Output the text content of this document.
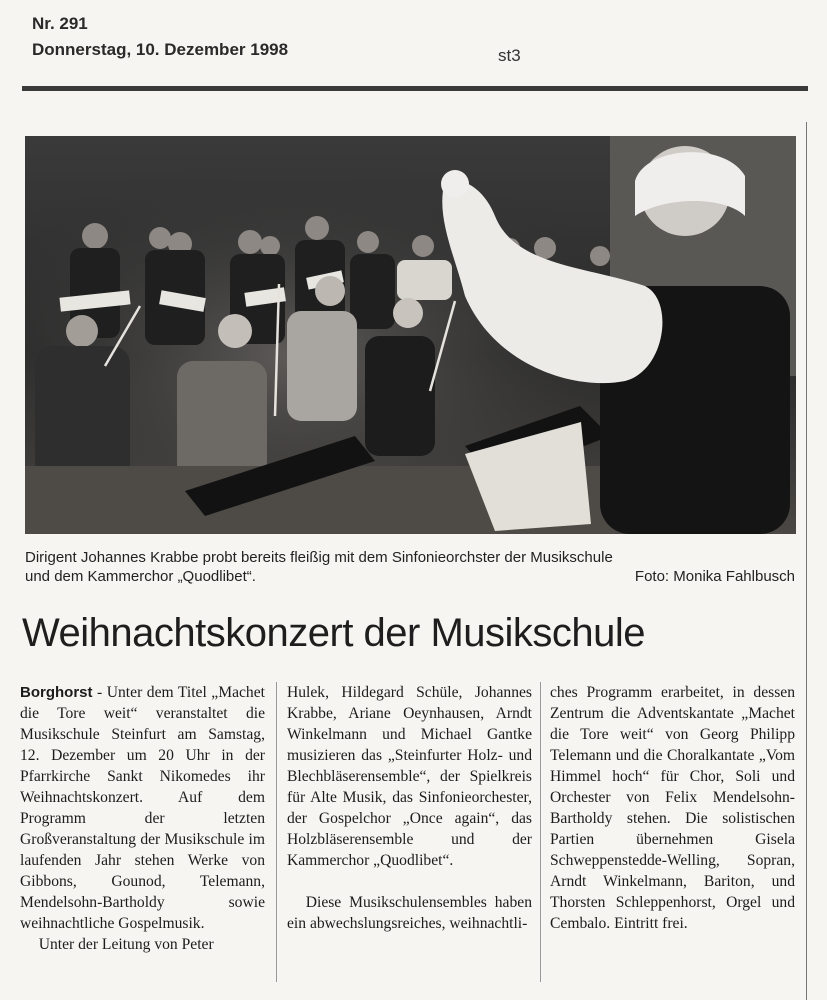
Nr. 291
Donnerstag, 10. Dezember 1998	st3
Dirigent Johannes Krabbe probt bereits fleißig mit dem Sinfonieorchster der Musikschule
und dem Kammerchor „Quodlibet“.	Foto: Monika Fahlbusch
Weihnachtskonzert der Musikschule

Borghorst - Unter dem Titel „Machet die Tore weit“ veranstaltet die Musikschule Steinfurt am Samstag, 12. Dezember um 20 Uhr in der Pfarrkirche Sankt Nikomedes ihr Weihnachtskonzert. Auf dem Programm der letzten Großveranstaltung der Musikschule im laufenden Jahr stehen Werke von Gibbons, Gounod, Telemann, Mendelsohn-Bartholdy sowie weihnachtliche Gospelmusik.

Unter der Leitung von Peter

Hulek, Hildegard Schüle, Johannes Krabbe, Ariane Oeynhausen, Arndt Winkelmann und Michael Gantke musizieren das „Steinfurter Holz- und Blechbläserensemble“, der Spielkreis für Alte Musik, das Sinfonieorchester, der Gospelchor „Once again“, das Holzbläserensemble und der Kammerchor „Quodlibet“.

Diese Musikschulensembles haben ein abwechslungsreiches, weihnachtli-

ches Programm erarbeitet, in dessen Zentrum die Adventskantate „Machet die Tore weit“ von Georg Philipp Telemann und die Choralkantate „Vom Himmel hoch“ für Chor, Soli und Orchester von Felix Mendelsohn-Bartholdy stehen. Die solistischen Partien übernehmen Gisela Schweppenstedde-Welling, Sopran, Arndt Winkelmann, Bariton, und Thorsten Schleppenhorst, Orgel und Cembalo. Eintritt frei.
